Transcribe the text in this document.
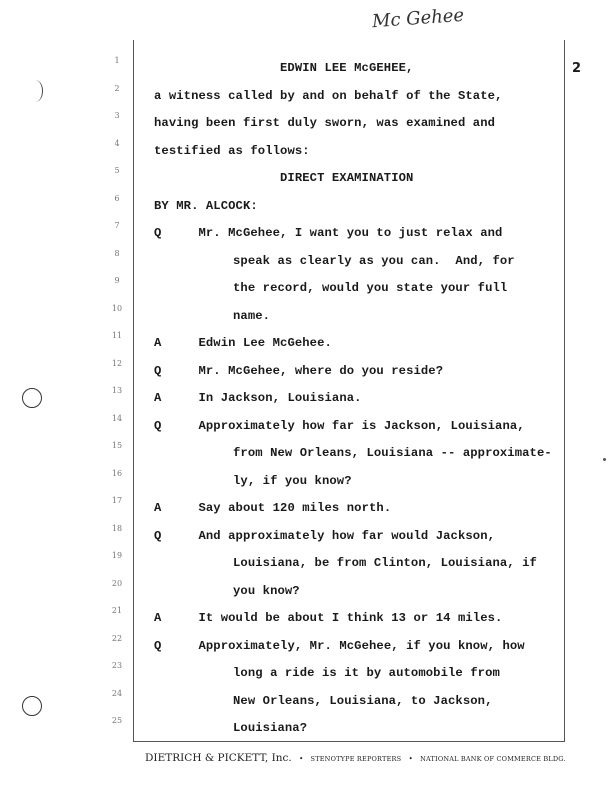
Mc Gehee
2
1
2
3
4
5
6
7
8
9
10
11
12
13
14
15
16
17
18
19
20
21
22
23
24
25
EDWIN LEE McGEHEE,
a witness called by and on behalf of the State,
having been first duly sworn, was examined and
testified as follows:
DIRECT EXAMINATION
BY MR. ALCOCK:
Q     Mr. McGehee, I want you to just relax and
speak as clearly as you can.  And, for
the record, would you state your full
name.
A     Edwin Lee McGehee.
Q     Mr. McGehee, where do you reside?
A     In Jackson, Louisiana.
Q     Approximately how far is Jackson, Louisiana,
from New Orleans, Louisiana -- approximate-
ly, if you know?
A     Say about 120 miles north.
Q     And approximately how far would Jackson,
Louisiana, be from Clinton, Louisiana, if
you know?
A     It would be about I think 13 or 14 miles.
Q     Approximately, Mr. McGehee, if you know, how
long a ride is it by automobile from
New Orleans, Louisiana, to Jackson,
Louisiana?
DIETRICH & PICKETT, Inc. • STENOTYPE REPORTERS • NATIONAL BANK OF COMMERCE BLDG.
